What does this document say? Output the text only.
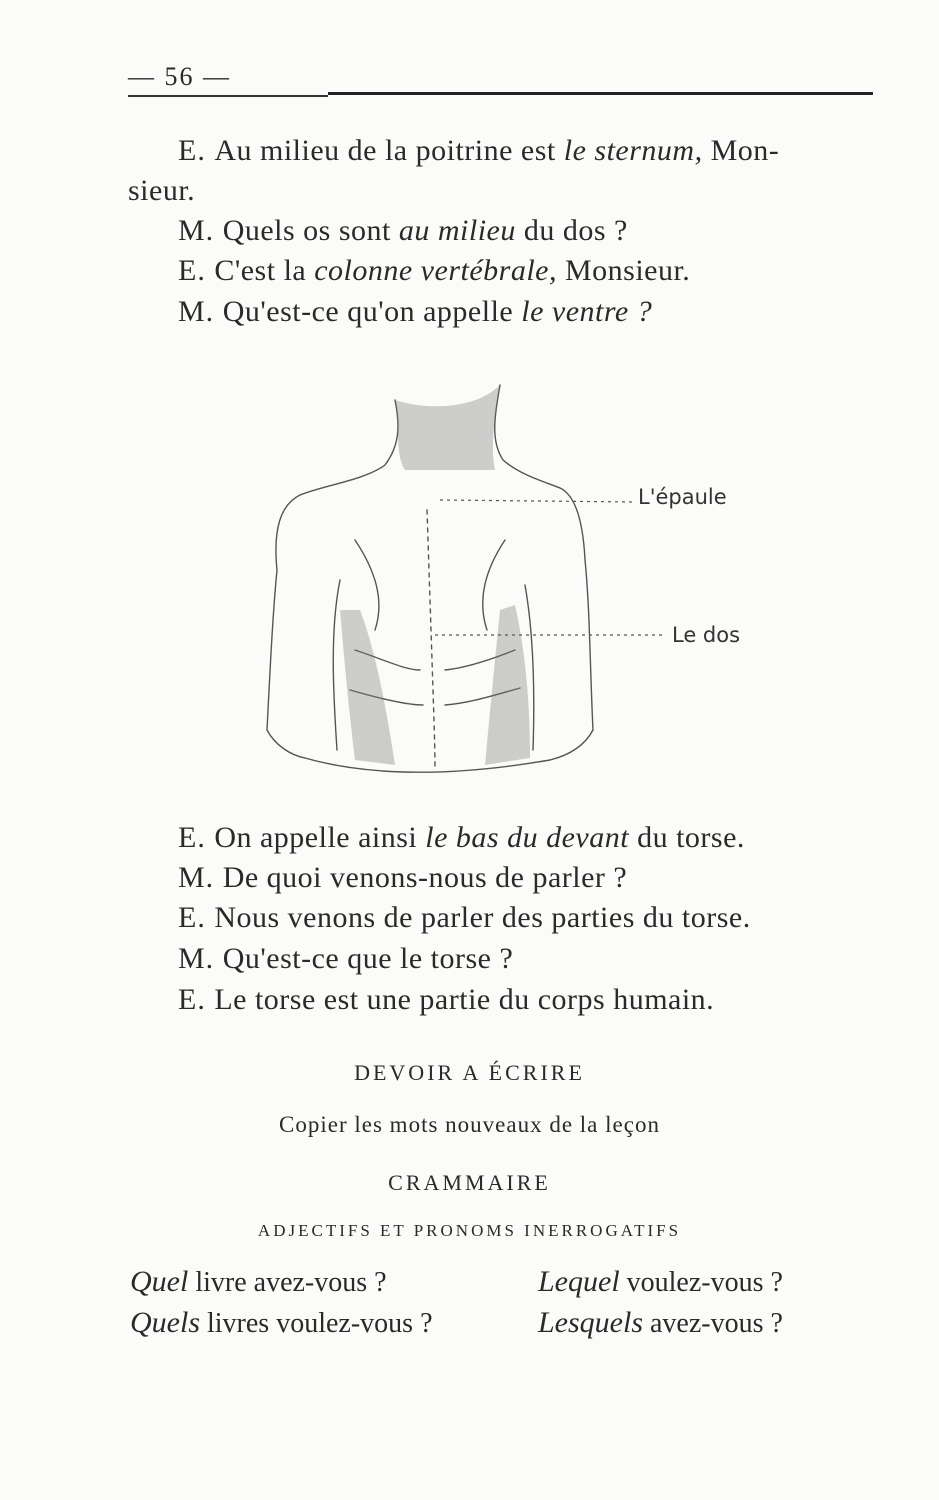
— 56 —
E. Au milieu de la poitrine est le sternum, Mon-
sieur.
M. Quels os sont au milieu du dos ?
E. C'est la colonne vertébrale, Monsieur.
M. Qu'est-ce qu'on appelle le ventre ?
L'épaule
Le dos
E. On appelle ainsi le bas du devant du torse.
M. De quoi venons-nous de parler ?
E. Nous venons de parler des parties du torse.
M. Qu'est-ce que le torse ?
E. Le torse est une partie du corps humain.
DEVOIR A ÉCRIRE
Copier les mots nouveaux de la leçon
CRAMMAIRE
ADJECTIFS ET PRONOMS INERROGATIFS
Quel livre avez-vous ?	Lequel voulez-vous ?
Quels livres voulez-vous ?	Lesquels avez-vous ?
